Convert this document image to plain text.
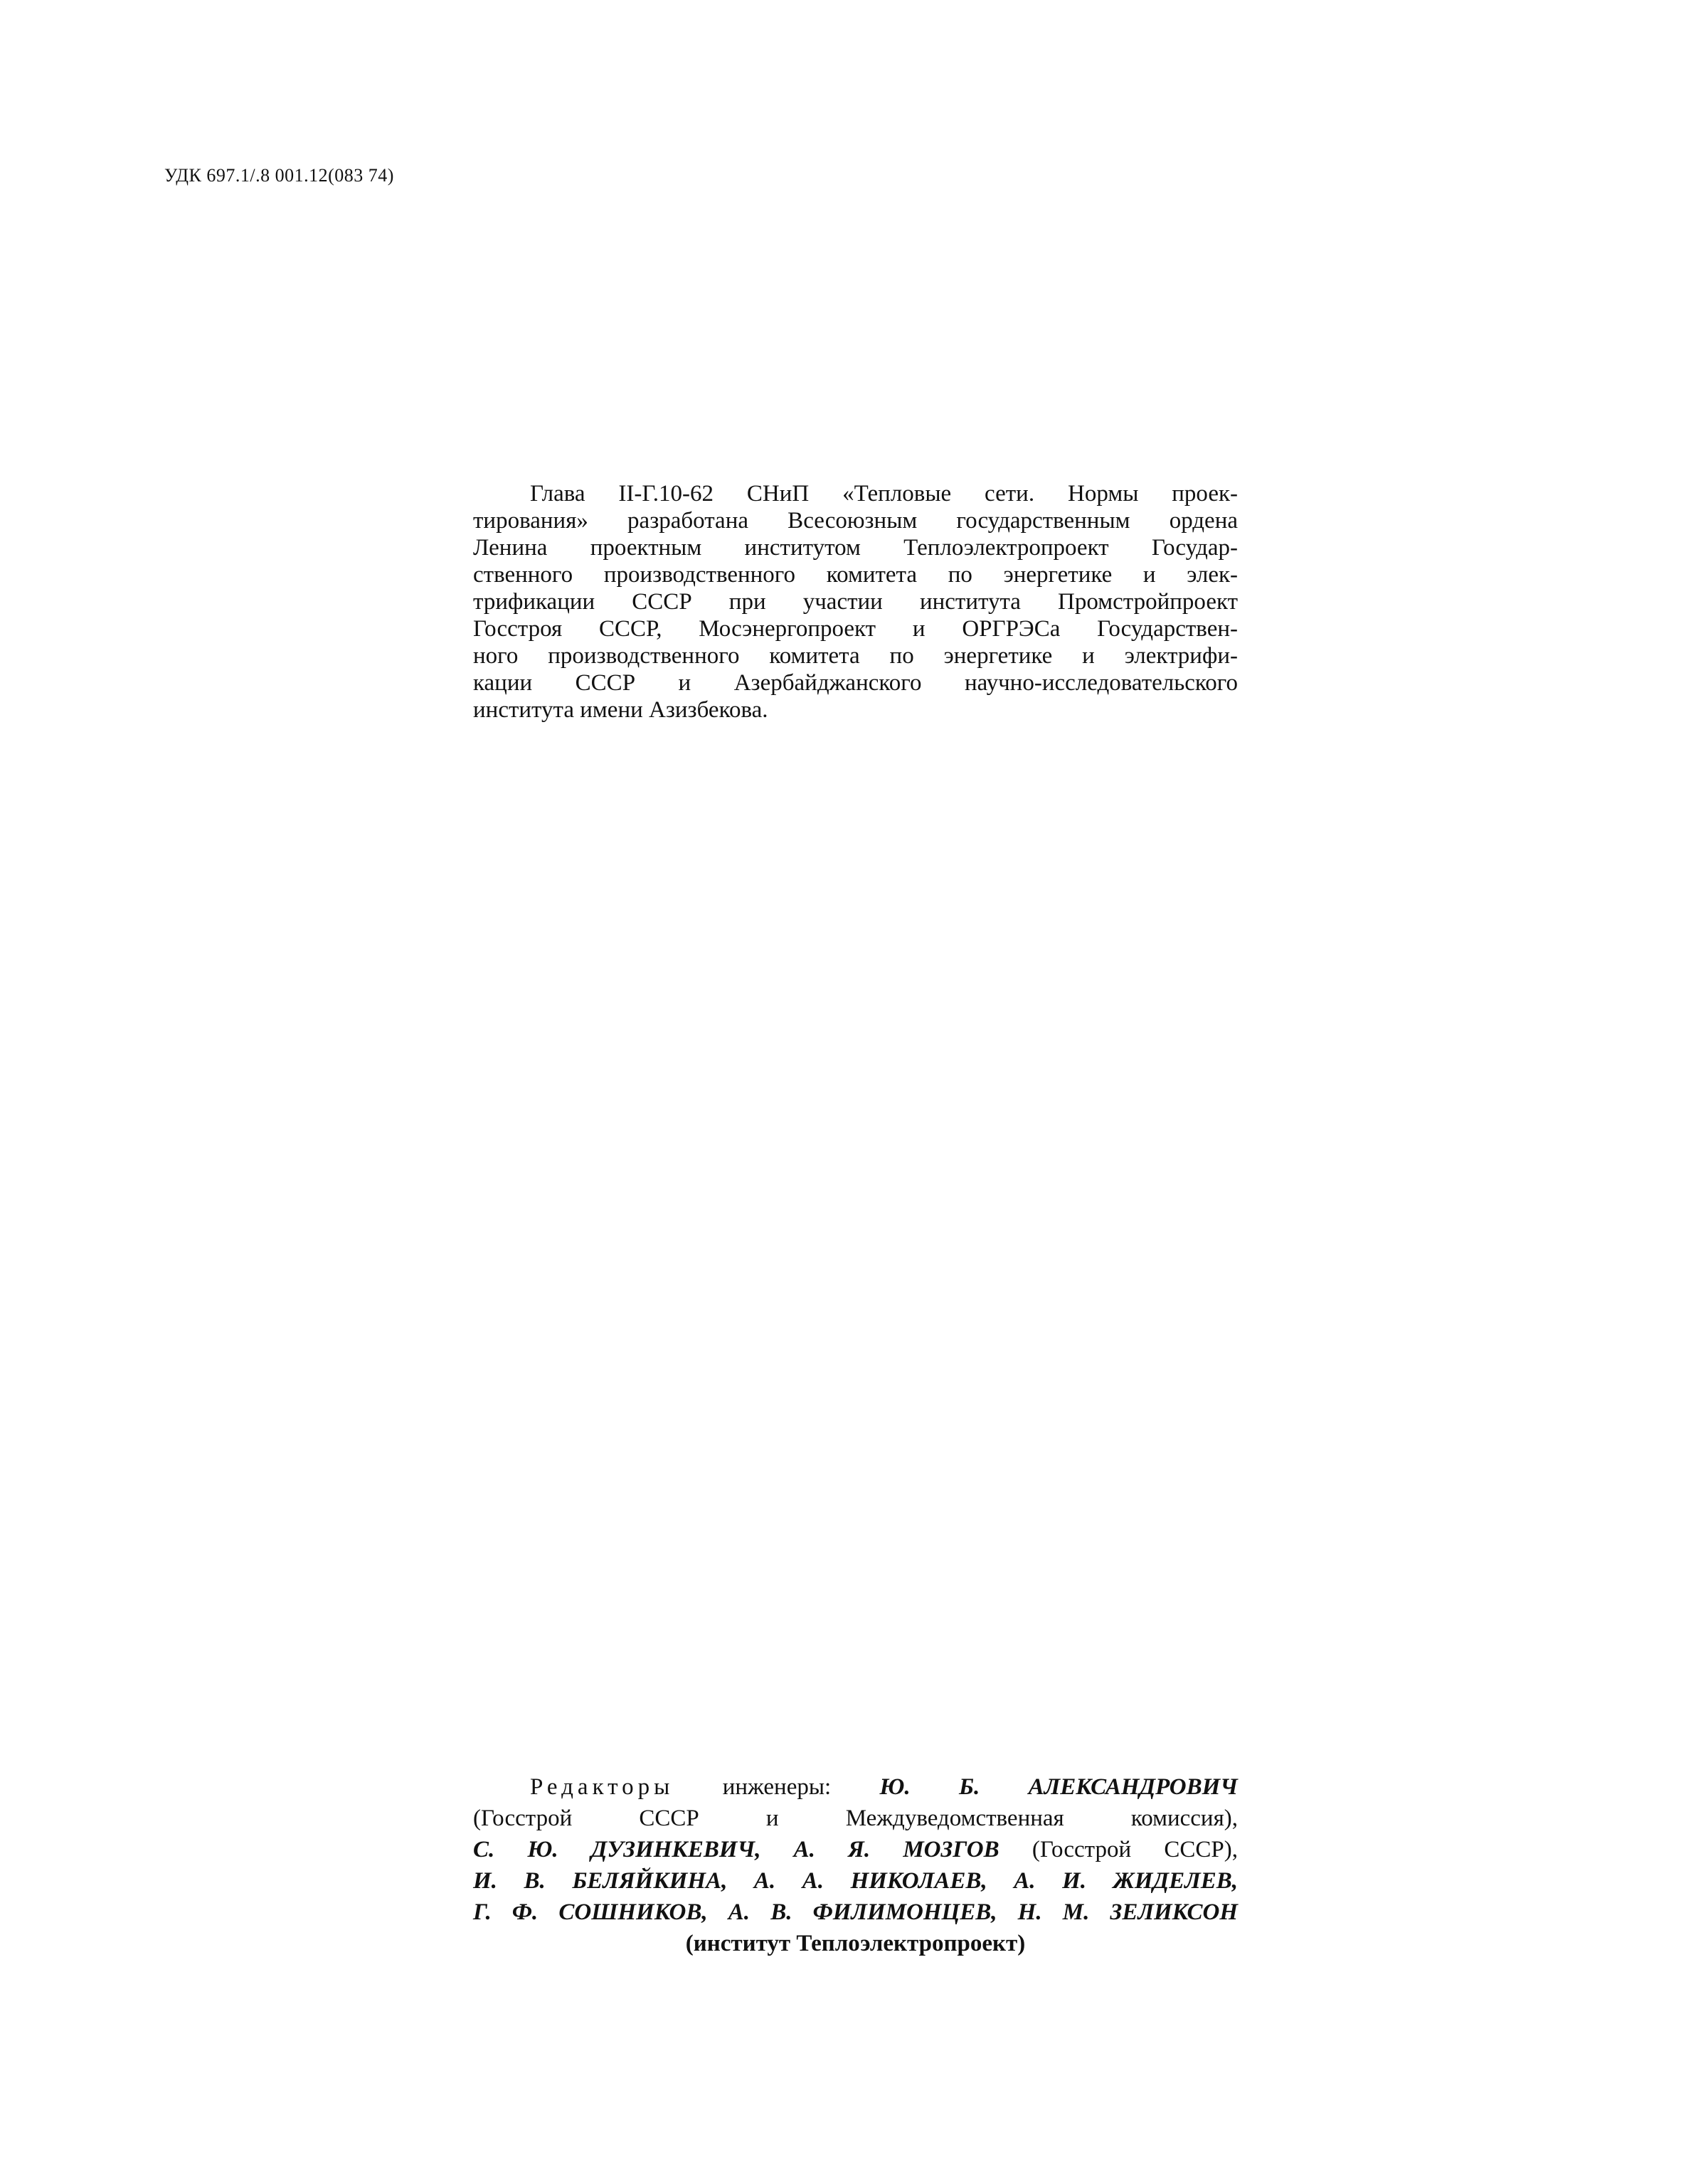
УДК 697.1/.8 001.12(083 74)
Глава II-Г.10-62 СНиП «Тепловые сети. Нормы проек-
тирования» разработана Всесоюзным государственным ордена
Ленина проектным институтом Теплоэлектропроект Государ-
ственного производственного комитета по энергетике и элек-
трификации СССР при участии института Промстройпроект
Госстроя СССР, Мосэнергопроект и ОРГРЭСа Государствен-
ного производственного комитета по энергетике и электрифи-
кации СССР и Азербайджанского научно-исследовательского
института имени Азизбекова.
Редакторы инженеры: Ю. Б. АЛЕКСАНДРОВИЧ
(Госстрой СССР и Междуведомственная комиссия),
С. Ю. ДУЗИНКЕВИЧ, А. Я. МОЗГОВ (Госстрой СССР),
И. В. БЕЛЯЙКИНА, А. А. НИКОЛАЕВ, А. И. ЖИДЕЛЕВ,
Г. Ф. СОШНИКОВ, А. В. ФИЛИМОНЦЕВ, Н. М. ЗЕЛИКСОН
(институт Теплоэлектропроект)
